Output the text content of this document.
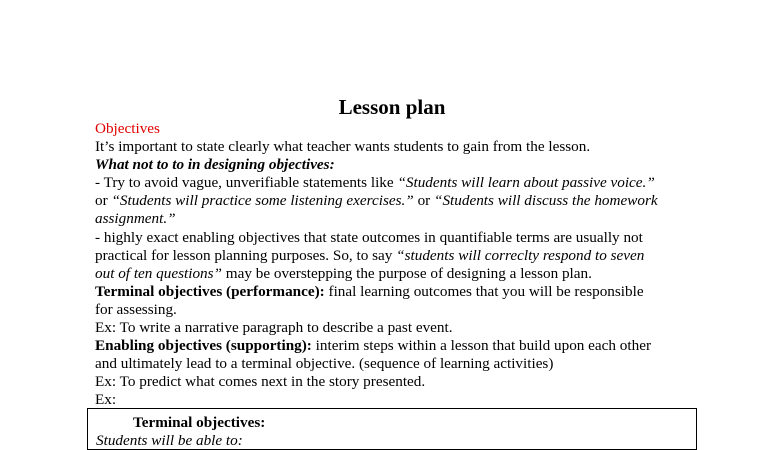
Lesson plan
Objectives
It’s important to state clearly what teacher wants students to gain from the lesson.
What not to to in designing objectives:
- Try to avoid vague, unverifiable statements like “Students will learn about passive voice.”
or “Students will practice some listening exercises.” or “Students will discuss the homework
assignment.”
- highly exact enabling objectives that state outcomes in quantifiable terms are usually not
practical for lesson planning purposes. So, to say “students will correclty respond to seven
out of ten questions” may be overstepping the purpose of designing a lesson plan.
Terminal objectives (performance): final learning outcomes that you will be responsible
for assessing.
Ex: To write a narrative paragraph to describe a past event.
Enabling objectives (supporting): interim steps within a lesson that build upon each other
and ultimately lead to a terminal objective. (sequence of learning activities)
Ex: To predict what comes next in the story presented.
Ex:
Terminal objectives:
Students will be able to:
